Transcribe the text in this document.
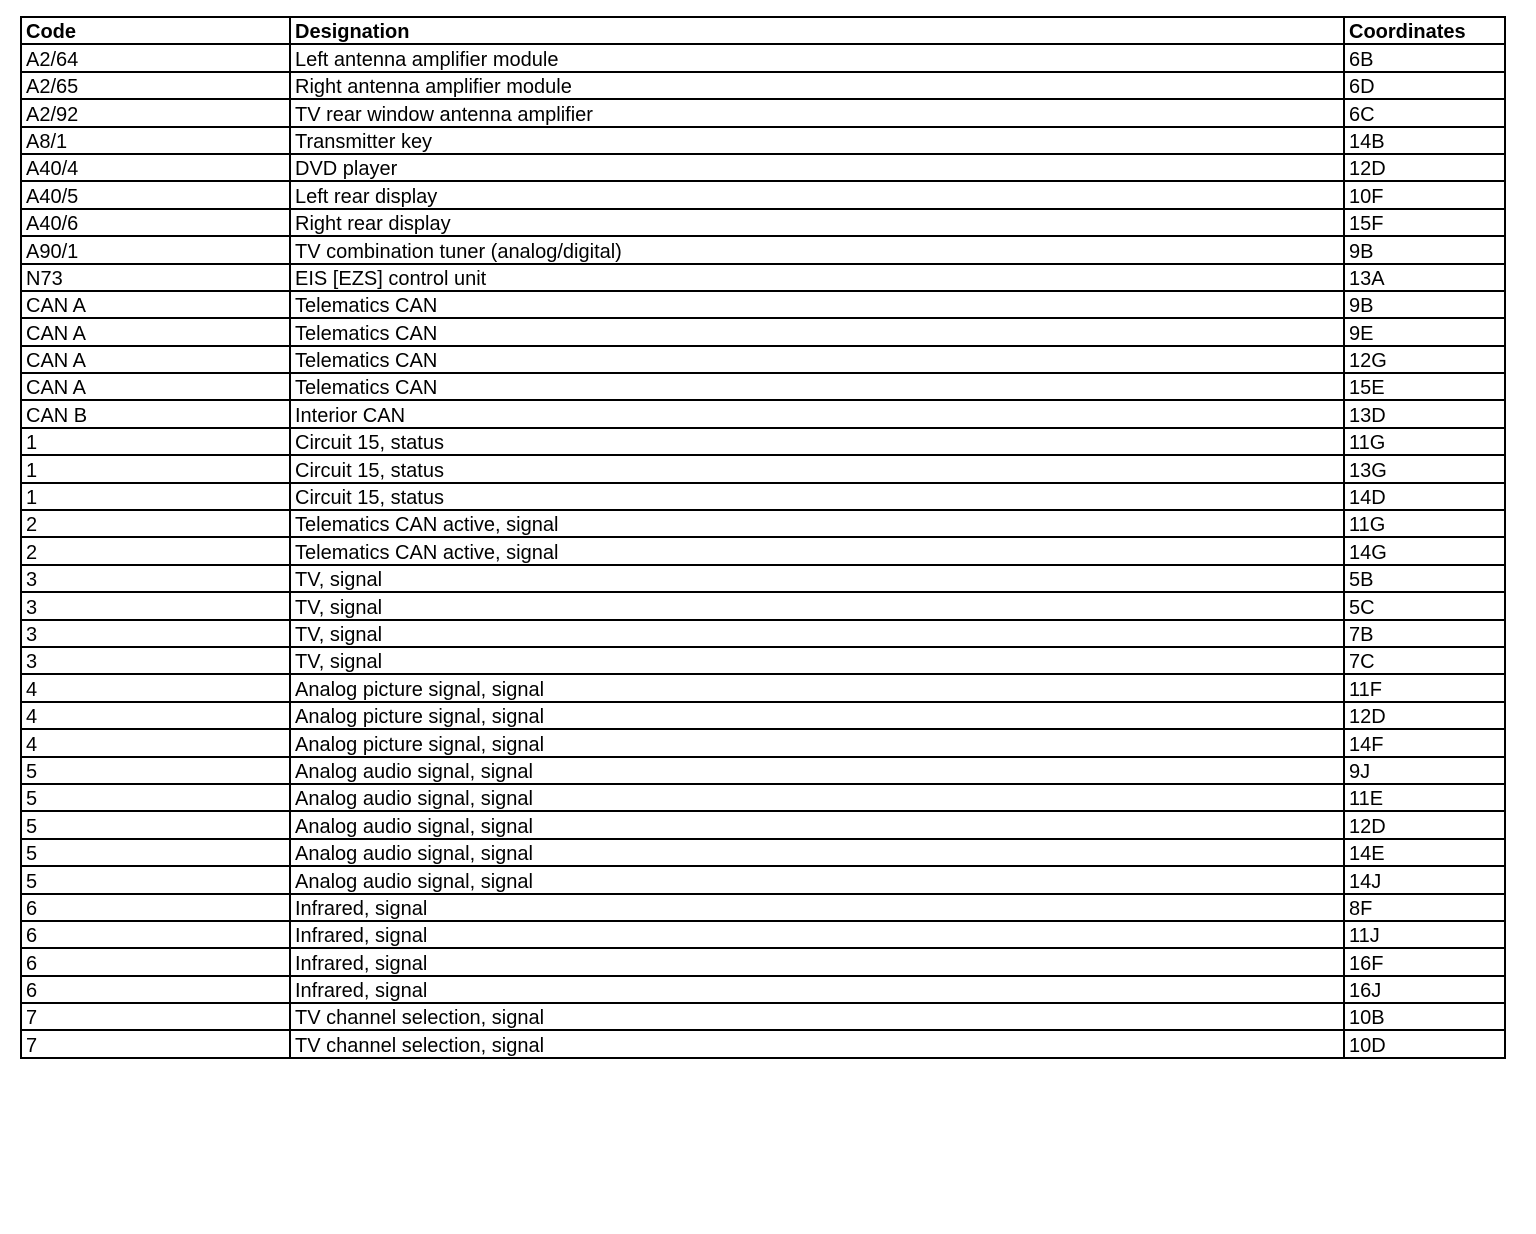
Code	Designation	Coordinates
A2/64	Left antenna amplifier module	6B
A2/65	Right antenna amplifier module	6D
A2/92	TV rear window antenna amplifier	6C
A8/1	Transmitter key	14B
A40/4	DVD player	12D
A40/5	Left rear display	10F
A40/6	Right rear display	15F
A90/1	TV combination tuner (analog/digital)	9B
N73	EIS [EZS] control unit	13A
CAN A	Telematics CAN	9B
CAN A	Telematics CAN	9E
CAN A	Telematics CAN	12G
CAN A	Telematics CAN	15E
CAN B	Interior CAN	13D
1	Circuit 15, status	11G
1	Circuit 15, status	13G
1	Circuit 15, status	14D
2	Telematics CAN active, signal	11G
2	Telematics CAN active, signal	14G
3	TV, signal	5B
3	TV, signal	5C
3	TV, signal	7B
3	TV, signal	7C
4	Analog picture signal, signal	11F
4	Analog picture signal, signal	12D
4	Analog picture signal, signal	14F
5	Analog audio signal, signal	9J
5	Analog audio signal, signal	11E
5	Analog audio signal, signal	12D
5	Analog audio signal, signal	14E
5	Analog audio signal, signal	14J
6	Infrared, signal	8F
6	Infrared, signal	11J
6	Infrared, signal	16F
6	Infrared, signal	16J
7	TV channel selection, signal	10B
7	TV channel selection, signal	10D
